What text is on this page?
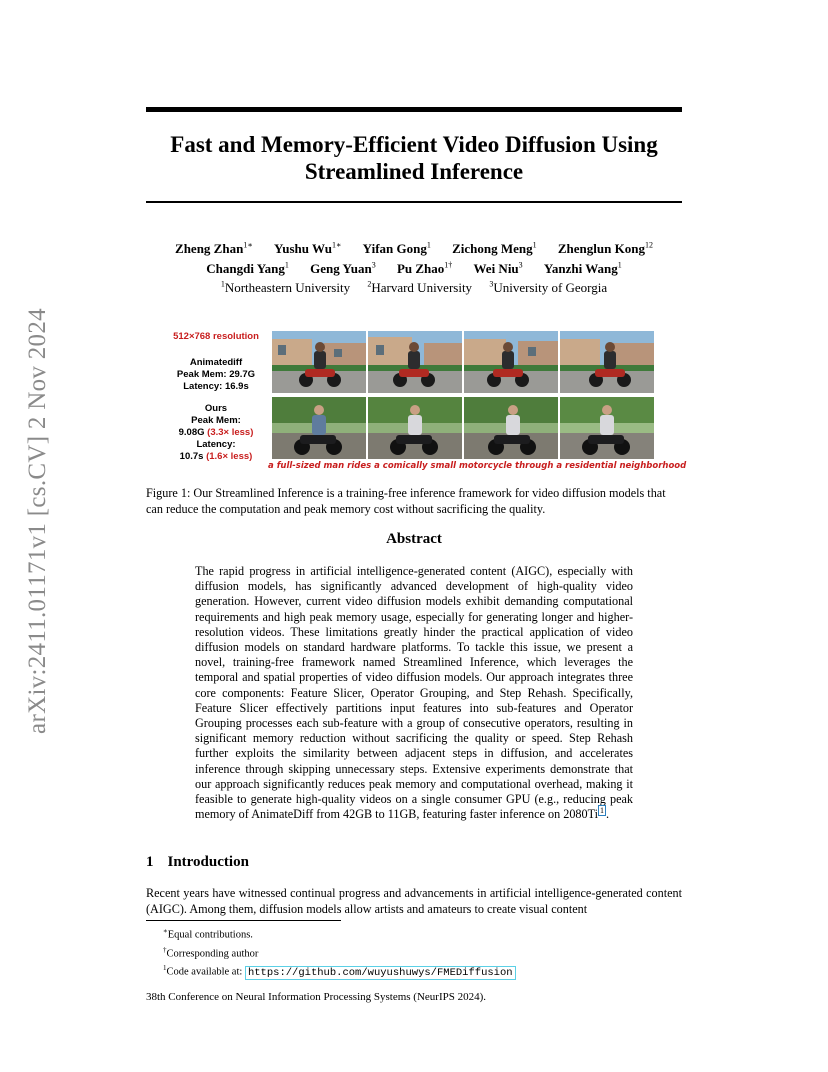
arXiv:2411.01171v1 [cs.CV] 2 Nov 2024
Fast and Memory-Efficient Video Diffusion Using
Streamlined Inference
Zheng Zhan$^{1∗}$ Yushu $Wu^{1∗}$ Yifan Gong$^1$ Zichong Meng$^1$ Zhenglun Kong$^{12}$
Changdi Yang$^1$ Geng Yuan$^3$ Pu Zhao$^{1\dagger}$ Wei Niu$^3$ Yanzhi Wang$^1$
$^1$Northeastern University $^2$Harvard University $^3$University of Georgia
512×768 resolution
Animatediff
Peak Mem: 29.7G
Latency: 16.9s
Ours
Peak Mem:
9.08G (3.3× less)
Latency:
10.7s (1.6× less)
a full-sized man rides a comically small motorcycle through a residential neighborhood
Figure 1: Our Streamlined Inference is a training-free inference framework for video diffusion models that can reduce the computation and peak memory cost without sacrificing the quality.
Abstract
The rapid progress in artificial intelligence-generated content (AIGC), especially with diffusion models, has significantly advanced development of high-quality video generation. However, current video diffusion models exhibit demanding computational requirements and high peak memory usage, especially for generating longer and higher-resolution videos. These limitations greatly hinder the practical application of video diffusion models on standard hardware platforms. To tackle this issue, we present a novel, training-free framework named Streamlined Inference, which leverages the temporal and spatial properties of video diffusion models. Our approach integrates three core components: Feature Slicer, Operator Grouping, and Step Rehash. Specifically, Feature Slicer effectively partitions input features into sub-features and Operator Grouping processes each sub-feature with a group of consecutive operators, resulting in significant memory reduction without sacrificing the quality or speed. Step Rehash further exploits the similarity between adjacent steps in diffusion, and accelerates inference through skipping unnecessary steps. Extensive experiments demonstrate that our approach significantly reduces peak memory and computational overhead, making it feasible to generate high-quality videos on a single consumer GPU (e.g., reducing peak memory of AnimateDiff from 42GB to 11GB, featuring faster inference on 2080Ti $^1$ .
1 Introduction
Recent years have witnessed continual progress and advancements in artificial intelligence-generated content (AIGC). Among them, diffusion models allow artists and amateurs to create visual content
∗Equal contributions.
†Corresponding author
$^1$Code available at: https://github.com/wuyushuwys/FMEDiffusion
38th Conference on Neural Information Processing Systems (NeurIPS 2024).
